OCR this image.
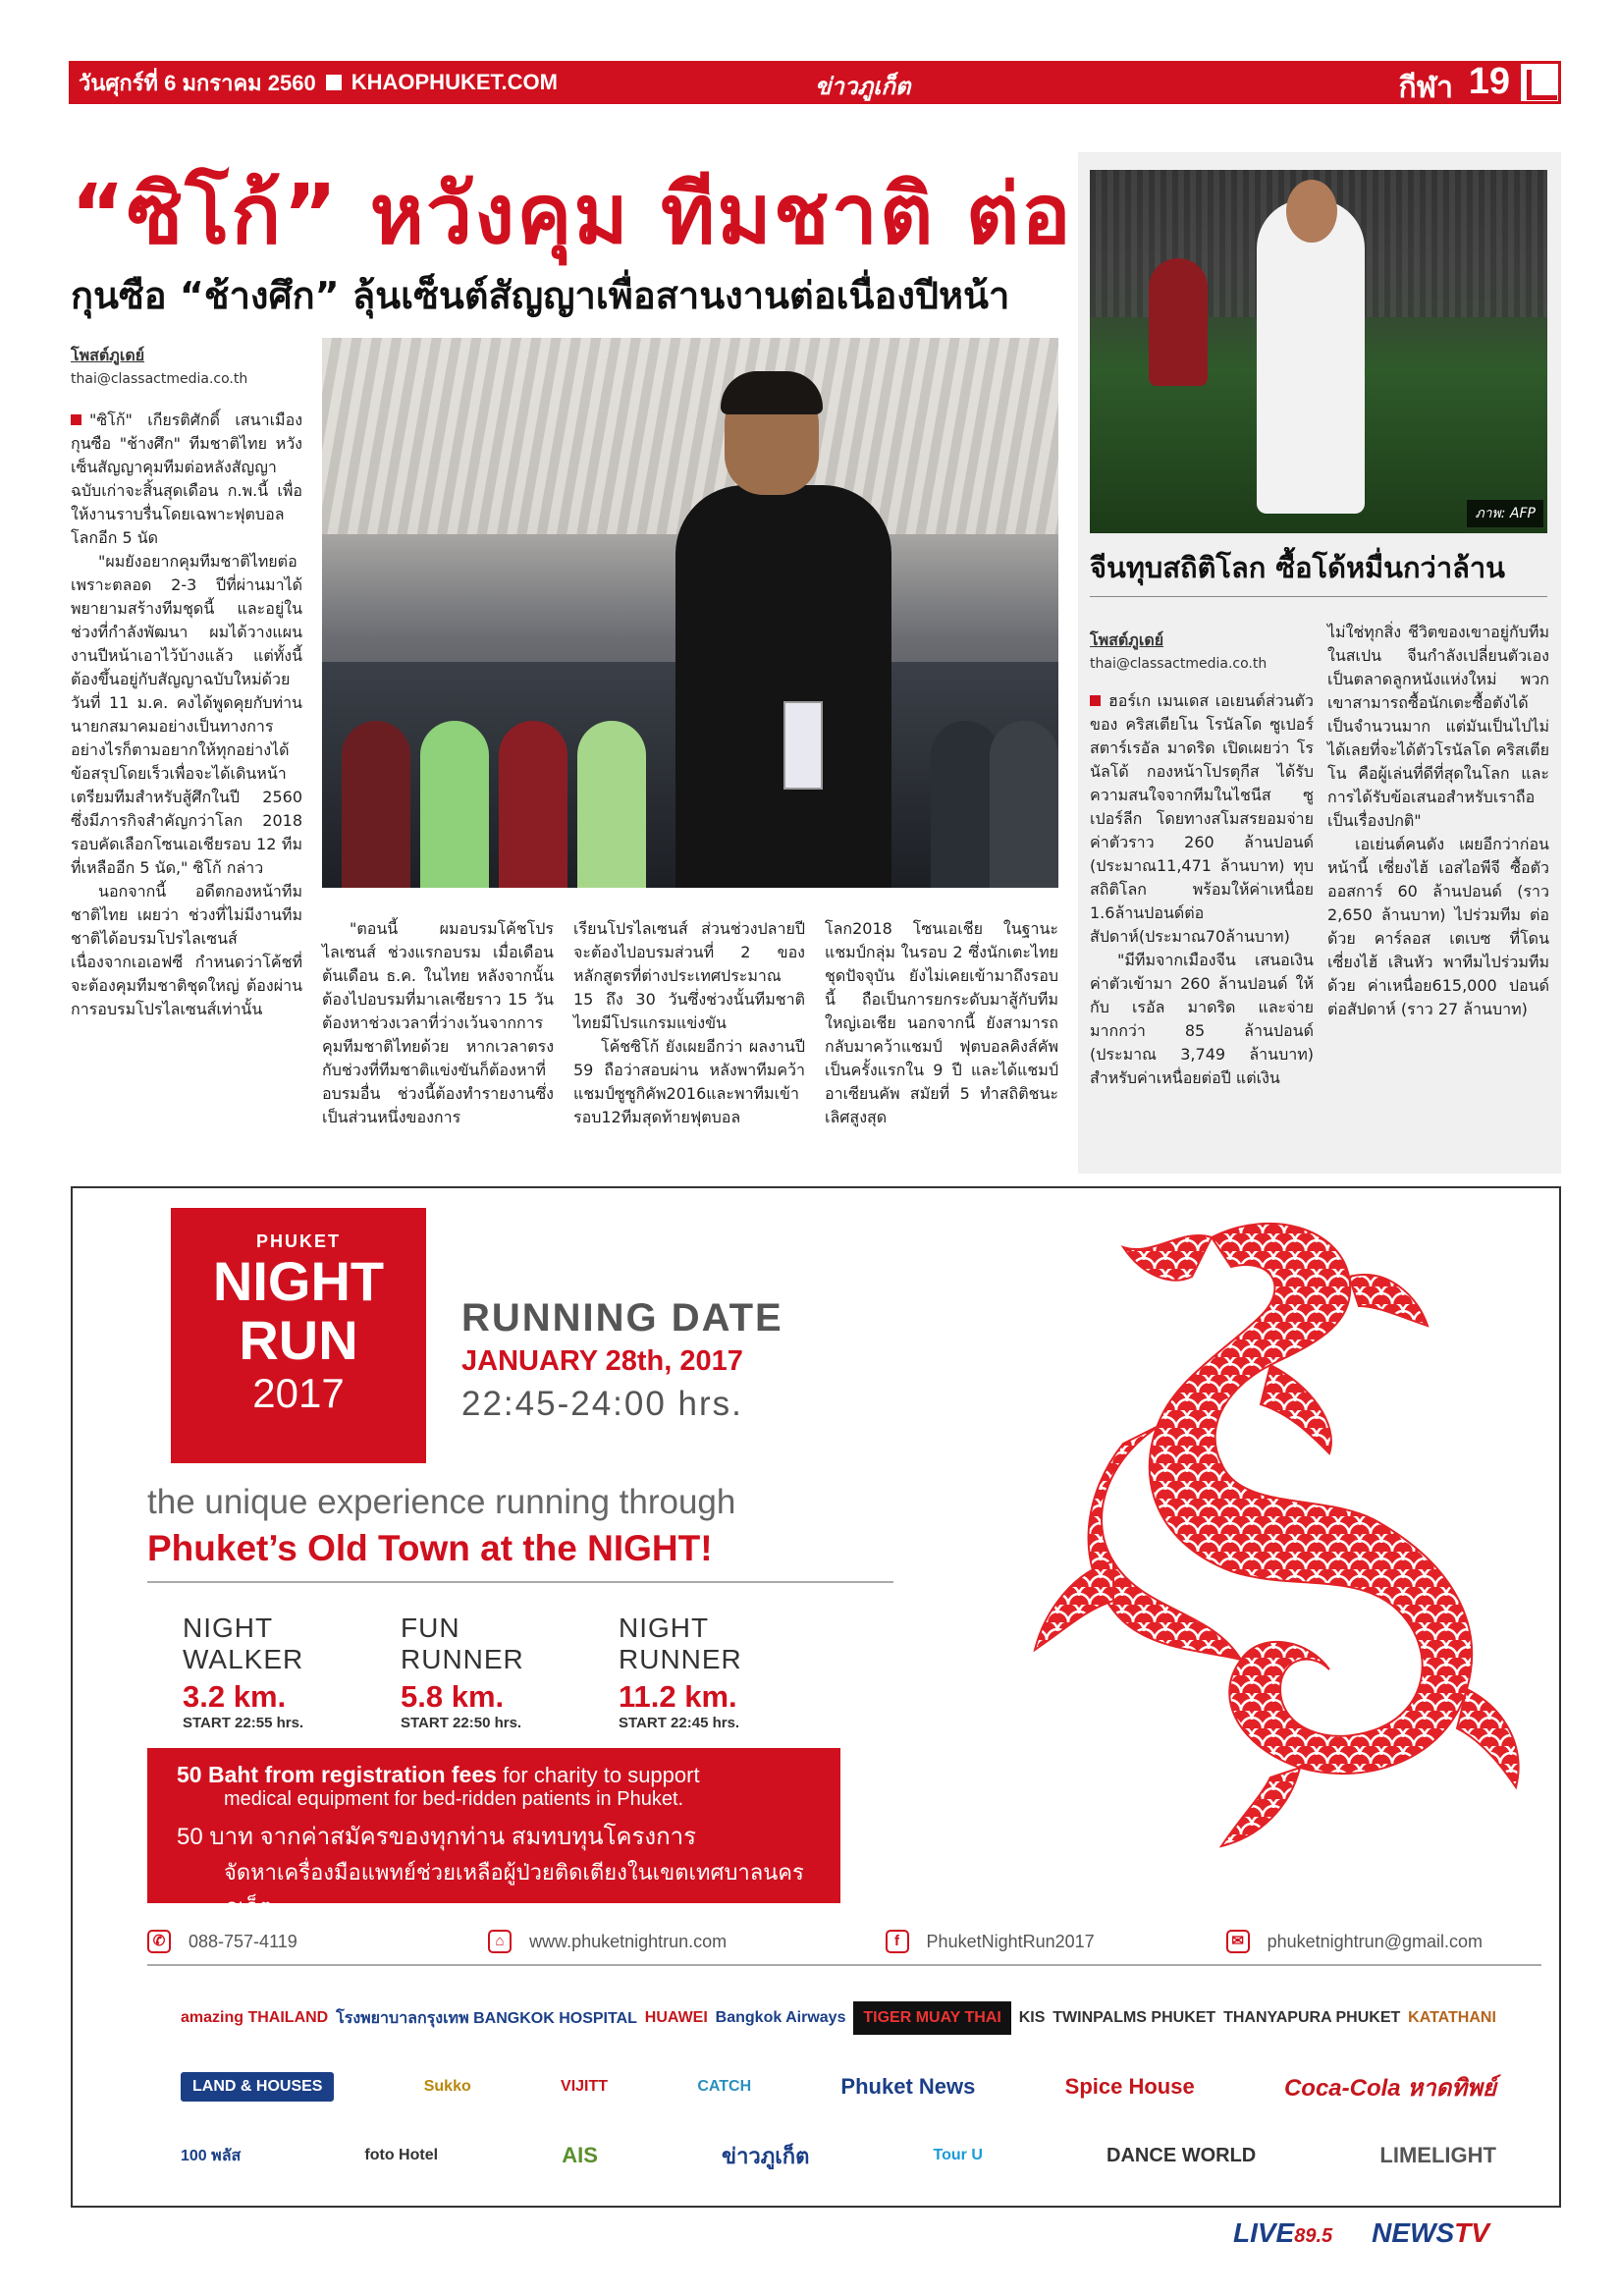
วันศุกร์ที่ 6 มกราคม 2560 KHAOPHUKET.COM	ข่าวภูเก็ต	กีฬา 19
“ซิโก้” หวังคุม ทีมชาติ ต่อ
กุนซือ “ช้างศึก” ลุ้นเซ็นต์สัญญาเพื่อสานงานต่อเนื่องปีหน้า
โพสต์ภูเดย์
thai@classactmedia.co.th

"ซิโก้" เกียรติศักดิ์ เสนาเมือง กุนซือ "ช้างศึก" ทีมชาติไทย หวังเซ็นสัญญาคุมทีมต่อหลังสัญญาฉบับเก่าจะสิ้นสุดเดือน ก.พ.นี้ เพื่อให้งานราบรื่นโดยเฉพาะฟุตบอลโลกอีก 5 นัด

"ผมยังอยากคุมทีมชาติไทยต่อ เพราะตลอด 2-3 ปีที่ผ่านมาได้พยายามสร้างทีมชุดนี้ และอยู่ในช่วงที่กำลังพัฒนา ผมได้วางแผนงานปีหน้าเอาไว้บ้างแล้ว แต่ทั้งนี้ต้องขึ้นอยู่กับสัญญาฉบับใหม่ด้วย วันที่ 11 ม.ค. คงได้พูดคุยกับท่านนายกสมาคมอย่างเป็นทางการ อย่างไรก็ตามอยากให้ทุกอย่างได้ข้อสรุปโดยเร็วเพื่อจะได้เดินหน้าเตรียมทีมสำหรับสู้ศึกในปี 2560 ซึ่งมีภารกิจสำคัญกว่าโลก 2018 รอบคัดเลือกโซนเอเชียรอบ 12 ทีมที่เหลืออีก 5 นัด," ซิโก้ กล่าว

นอกจากนี้ อดีตกองหน้าทีมชาติไทย เผยว่า ช่วงที่ไม่มีงานทีมชาติได้อบรมโปรไลเซนส์ เนื่องจากเอเอฟซี กำหนดว่าโค้ชที่จะต้องคุมทีมชาติชุดใหญ่ ต้องผ่านการอบรมโปรไลเซนส์เท่านั้น

"ตอนนี้ ผมอบรมโค้ชโปรไลเซนส์ ช่วงแรกอบรม เมื่อเดือนต้นเดือน ธ.ค. ในไทย หลังจากนั้นต้องไปอบรมที่มาเลเซียราว 15 วัน ต้องหาช่วงเวลาที่ว่างเว้นจากการคุมทีมชาติไทยด้วย หากเวลาตรงกับช่วงที่ทีมชาติแข่งขันก็ต้องหาที่อบรมอื่น ช่วงนี้ต้องทำรายงานซึ่งเป็นส่วนหนึ่งของการ

เรียนโปรไลเซนส์ ส่วนช่วงปลายปีจะต้องไปอบรมส่วนที่ 2 ของหลักสูตรที่ต่างประเทศประมาณ 15 ถึง 30 วันซึ่งช่วงนั้นทีมชาติไทยมีโปรแกรมแข่งขัน

โค้ชซิโก้ ยังเผยอีกว่า ผลงานปี 59 ถือว่าสอบผ่าน หลังพาทีมคว้าแชมป์ซูซูกิคัพ2016และพาทีมเข้ารอบ12ทีมสุดท้ายฟุตบอล

โลก2018 โซนเอเชีย ในฐานะแชมป์กลุ่ม ในรอบ 2 ซึ่งนักเตะไทยชุดปัจจุบัน ยังไม่เคยเข้ามาถึงรอบนี้ ถือเป็นการยกระดับมาสู้กับทีมใหญ่เอเชีย นอกจากนี้ ยังสามารถกลับมาคว้าแชมป์ ฟุตบอลคิงส์คัพ เป็นครั้งแรกใน 9 ปี และได้แชมป์อาเซียนคัพ สมัยที่ 5 ทำสถิติชนะเลิศสูงสุด

ภาพ: AFP
จีนทุบสถิติโลก ซื้อโด้หมื่นกว่าล้าน
โพสต์ภูเดย์
thai@classactmedia.co.th

ฮอร์เก เมนเดส เอเยนต์ส่วนตัวของ คริสเตียโน โรนัลโด ซูเปอร์สตาร์เรอัล มาดริด เปิดเผยว่า โรนัลโด้ กองหน้าโปรตุกีส ได้รับความสนใจจากทีมในไชนีส ซูเปอร์ลีก โดยทางสโมสรยอมจ่ายค่าตัวราว 260 ล้านปอนด์ (ประมาณ11,471 ล้านบาท) ทุบสถิติโลก พร้อมให้ค่าเหนื่อย 1.6ล้านปอนด์ต่อสัปดาห์(ประมาณ70ล้านบาท)

"มีทีมจากเมืองจีน เสนอเงินค่าตัวเข้ามา 260 ล้านปอนด์ ให้กับ เรอัล มาดริด และจ่ายมากกว่า 85 ล้านปอนด์ (ประมาณ 3,749 ล้านบาท) สำหรับค่าเหนื่อยต่อปี แต่เงิน

ไม่ใช่ทุกสิ่ง ชีวิตของเขาอยู่กับทีมในสเปน จีนกำลังเปลี่ยนตัวเองเป็นตลาดลูกหนังแห่งใหม่ พวกเขาสามารถซื้อนักเตะซื้อตังได้เป็นจำนวนมาก แต่มันเป็นไปไม่ได้เลยที่จะได้ตัวโรนัลโด คริสเตียโน คือผู้เล่นที่ดีที่สุดในโลก และการได้รับข้อเสนอสำหรับเราถือเป็นเรื่องปกติ"

เอเย่นต์คนดัง เผยอีกว่าก่อนหน้านี้ เซี่ยงไฮ้ เอสไอพีจี ซื้อตัว ออสการ์ 60 ล้านปอนด์ (ราว 2,650 ล้านบาท) ไปร่วมทีม ต่อด้วย คาร์ลอส เตเบซ ที่โดน เซี่ยงไฮ้ เสินหัว พาทีมไปร่วมทีมด้วย ค่าเหนื่อย615,000 ปอนด์ ต่อสัปดาห์ (ราว 27 ล้านบาท)

PHUKET
NIGHT
RUN
2017
RUNNING DATE
JANUARY 28th, 2017
22:45-24:00 hrs.
the unique experience running through
Phuket’s Old Town at the NIGHT!
NIGHT
WALKER
3.2 km.
START 22:55 hrs.
FUN
RUNNER
5.8 km.
START 22:50 hrs.
NIGHT
RUNNER
11.2 km.
START 22:45 hrs.
50 Baht from registration fees for charity to support
medical equipment for bed-ridden patients in Phuket.
50 บาท จากค่าสมัครของทุกท่าน สมทบทุนโครงการ
จัดหาเครื่องมือแพทย์ช่วยเหลือผู้ป่วยติดเตียงในเขตเทศบาลนครภูเก็ต
✆	088-757-4119	⌂	www.phuketnightrun.com	f	PhuketNightRun2017	✉	phuketnightrun@gmail.com
amazing THAILAND โรงพยาบาลกรุงเทพ BANGKOK HOSPITAL HUAWEI Bangkok Airways	TIGER MUAY THAI	KIS TWINPALMS PHUKET THANYAPURA PHUKET KATATHANI
LAND & HOUSES	Sukko	VIJITT	CATCH	Phuket News	Spice House	Coca-Cola หาดทิพย์
100 พลัส	foto Hotel	AIS	ข่าวภูเก็ต	Tour U	DANCE WORLD	LIMELIGHT
LIVE89.5 NEWSTV
